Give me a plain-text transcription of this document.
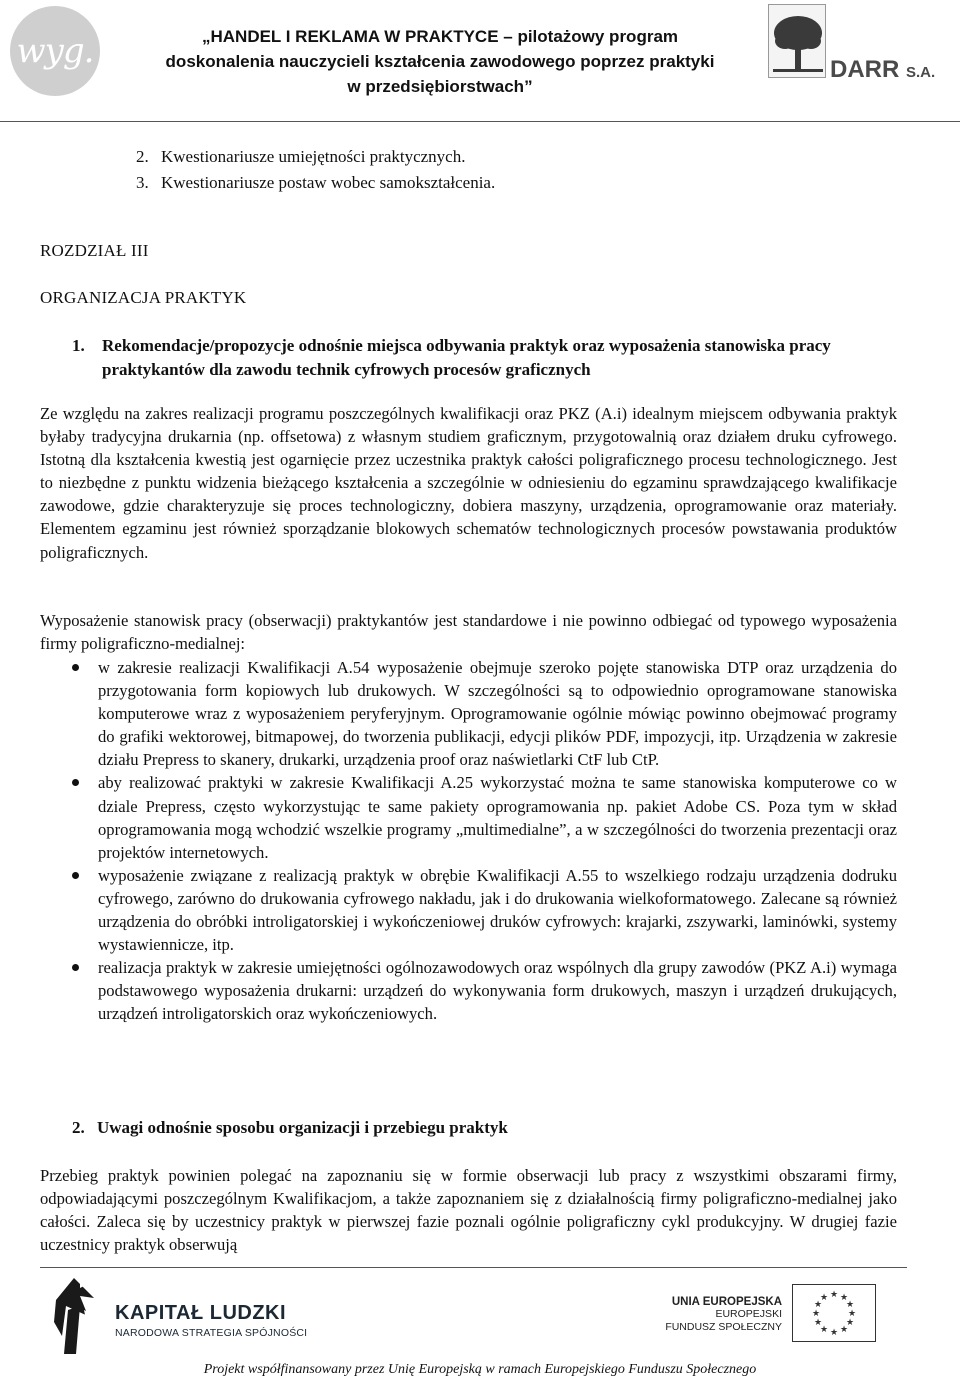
wyg.	„HANDEL I REKLAMA W PRAKTYCE – pilotażowy program
doskonalenia nauczycieli kształcenia zawodowego poprzez praktyki
w przedsiębiorstwach”
DARR S.A.
2. Kwestionariusze umiejętności praktycznych.
3. Kwestionariusze postaw wobec samokształcenia.
ROZDZIAŁ III
ORGANIZACJA PRAKTYK
1. Rekomendacje/propozycje odnośnie miejsca odbywania praktyk oraz wyposażenia stanowiska pracy praktykantów dla zawodu technik cyfrowych procesów graficznych
Ze względu na zakres realizacji programu poszczególnych kwalifikacji oraz PKZ (A.i) idealnym miejscem odbywania praktyk byłaby tradycyjna drukarnia (np. offsetowa) z własnym studiem graficznym, przygotowalnią oraz działem druku cyfrowego. Istotną dla kształcenia kwestią jest ogarnięcie przez uczestnika praktyk całości poligraficznego procesu technologicznego. Jest to niezbędne z punktu widzenia bieżącego kształcenia a szczególnie w odniesieniu do egzaminu sprawdzającego kwalifikacje zawodowe, gdzie charakteryzuje się proces technologiczny, dobiera maszyny, urządzenia, oprogramowanie oraz materiały. Elementem egzaminu jest również sporządzanie blokowych schematów technologicznych procesów powstawania produktów poligraficznych.
Wyposażenie stanowisk pracy (obserwacji) praktykantów jest standardowe i nie powinno odbiegać od typowego wyposażenia firmy poligraficzno-medialnej:
w zakresie realizacji Kwalifikacji A.54 wyposażenie obejmuje szeroko pojęte stanowiska DTP oraz urządzenia do przygotowania form kopiowych lub drukowych. W szczególności są to odpowiednio oprogramowane stanowiska komputerowe wraz z wyposażeniem peryferyjnym. Oprogramowanie ogólnie mówiąc powinno obejmować programy do grafiki wektorowej, bitmapowej, do tworzenia publikacji, edycji plików PDF, impozycji, itp. Urządzenia w zakresie działu Prepress to skanery, drukarki, urządzenia proof oraz naświetlarki CtF lub CtP.
aby realizować praktyki w zakresie Kwalifikacji A.25 wykorzystać można te same stanowiska komputerowe co w dziale Prepress, często wykorzystując te same pakiety oprogramowania np. pakiet Adobe CS. Poza tym w skład oprogramowania mogą wchodzić wszelkie programy „multimedialne”, a w szczególności do tworzenia prezentacji oraz projektów internetowych.
wyposażenie związane z realizacją praktyk w obrębie Kwalifikacji A.55 to wszelkiego rodzaju urządzenia dodruku cyfrowego, zarówno do drukowania cyfrowego nakładu, jak i do drukowania wielkoformatowego. Zalecane są również urządzenia do obróbki introligatorskiej i wykończeniowej druków cyfrowych: krajarki, zszywarki, laminówki, systemy wystawiennicze, itp.
realizacja praktyk w zakresie umiejętności ogólnozawodowych oraz wspólnych dla grupy zawodów (PKZ A.i) wymaga podstawowego wyposażenia drukarni: urządzeń do wykonywania form drukowych, maszyn i urządzeń drukujących, urządzeń introligatorskich oraz wykończeniowych.
2. Uwagi odnośnie sposobu organizacji i przebiegu praktyk
Przebieg praktyk powinien polegać na zapoznaniu się w formie obserwacji lub pracy z wszystkimi obszarami firmy, odpowiadającymi poszczególnym Kwalifikacjom, a także zapoznaniem się z działalnością firmy poligraficzno-medialnej jako całości. Zaleca się by uczestnicy praktyk w pierwszej fazie poznali ogólnie poligraficzny cykl produkcyjny. W drugiej fazie uczestnicy praktyk obserwują
KAPITAŁ LUDZKI
NARODOWA STRATEGIA SPÓJNOŚCI
UNIA EUROPEJSKA
EUROPEJSKI
FUNDUSZ SPOŁECZNY
★ ★
★
★
★
★
★
★
★
★
★
★
Projekt współfinansowany przez Unię Europejską w ramach Europejskiego Funduszu Społecznego
